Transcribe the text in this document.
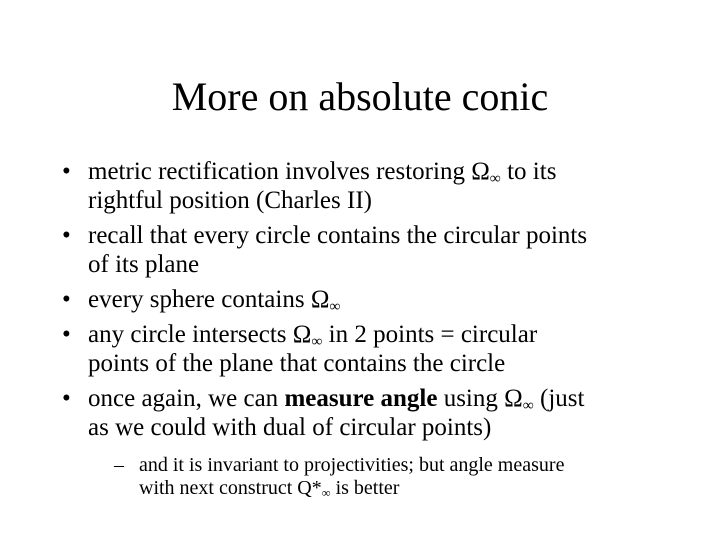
More on absolute conic
• metric rectification involves restoring $\Omega_\infty$ to its
rightful position (Charles II)
• recall that every circle contains the circular points
of its plane
• every sphere contains $\Omega_\infty$
• any circle intersects $\Omega_\infty$ in 2 points = circular
points of the plane that contains the circle
• once again, we can measure angle using $\Omega_\infty$ (just
as we could with dual of circular points)
– and it is invariant to projectivities; but angle measure
with next construct $Q*_\infty$ is better
